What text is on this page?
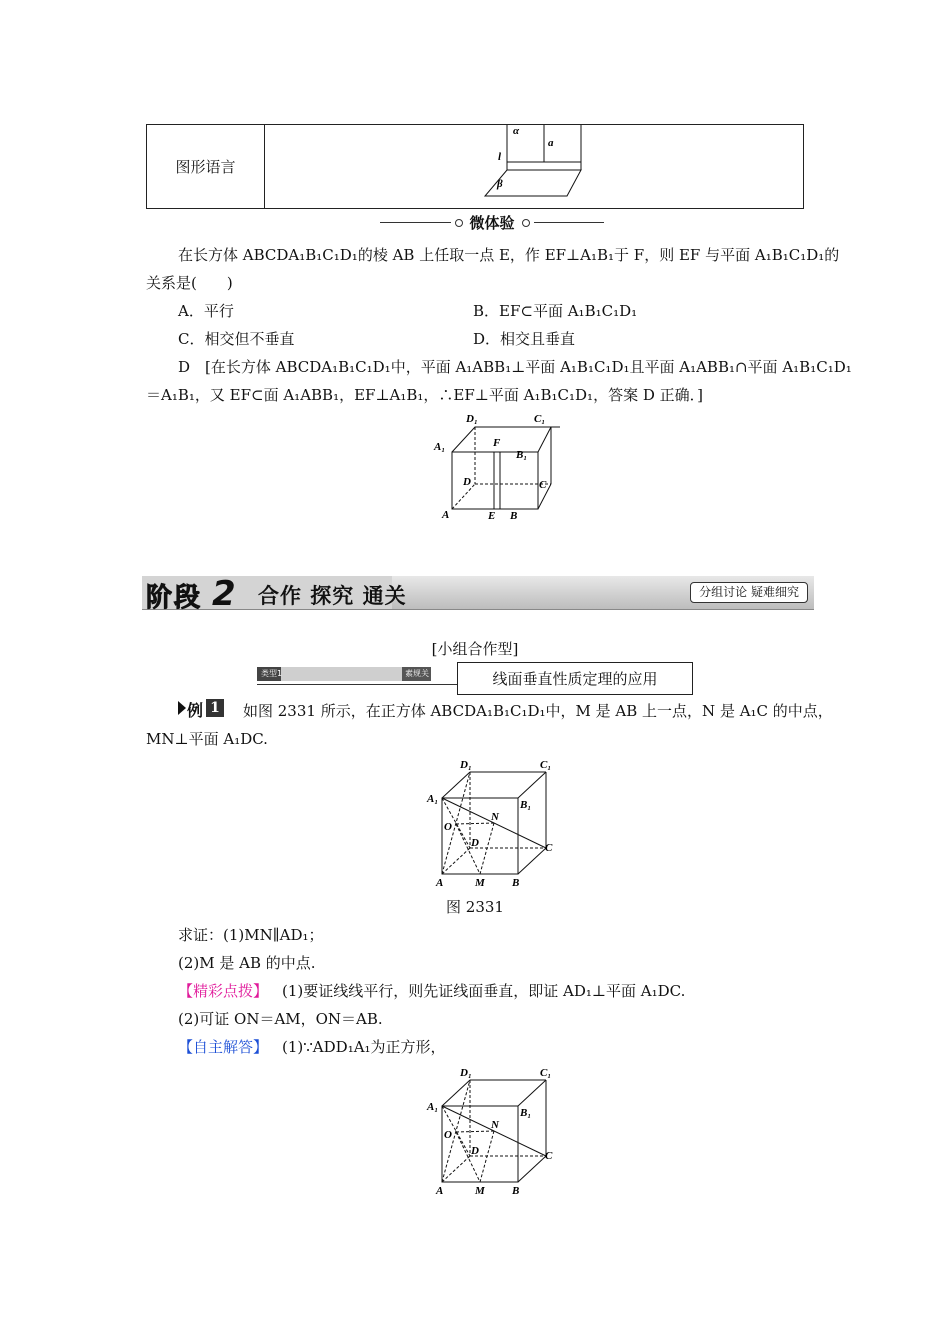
图形语言
α
a
l
β
微体验
在长方体 ABCDA₁B₁C₁D₁的棱 AB 上任取一点 E，作 EF⊥A₁B₁于 F，则 EF 与平面 A₁B₁C₁D₁的
关系是(　　)
A．平行	B．EF⊂平面 A₁B₁C₁D₁
C．相交但不垂直	D．相交且垂直
D　[在长方体 ABCDA₁B₁C₁D₁中，平面 A₁ABB₁⊥平面 A₁B₁C₁D₁且平面 A₁ABB₁∩平面 A₁B₁C₁D₁
＝A₁B₁，又 EF⊂面 A₁ABB₁，EF⊥A₁B₁，∴EF⊥平面 A₁B₁C₁D₁，答案 D 正确．]
D₁	C₁
F
A₁
B₁
D	C
A	E B
阶段 2 合作 探究 通关	分组讨论 疑难细究
[小组合作型]
类型1	素规关	线面垂直性质定理的应用
例 1 如图 2331 所示，在正方体 ABCDA₁B₁C₁D₁中，M 是 AB 上一点，N 是 A₁C 的中点，
MN⊥平面 A₁DC.
D₁	C₁
A₁	B₁
N
O
D	C
A	M B
图 2331
求证：(1)MN∥AD₁；
(2)M 是 AB 的中点.
【精彩点拨】 (1)要证线线平行，则先证线面垂直，即证 AD₁⊥平面 A₁DC.
(2)可证 ON＝AM，ON＝AB.
【自主解答】 (1)∵ADD₁A₁为正方形，
D₁	C₁
A₁	B₁
N
O
D	C
A	M B
